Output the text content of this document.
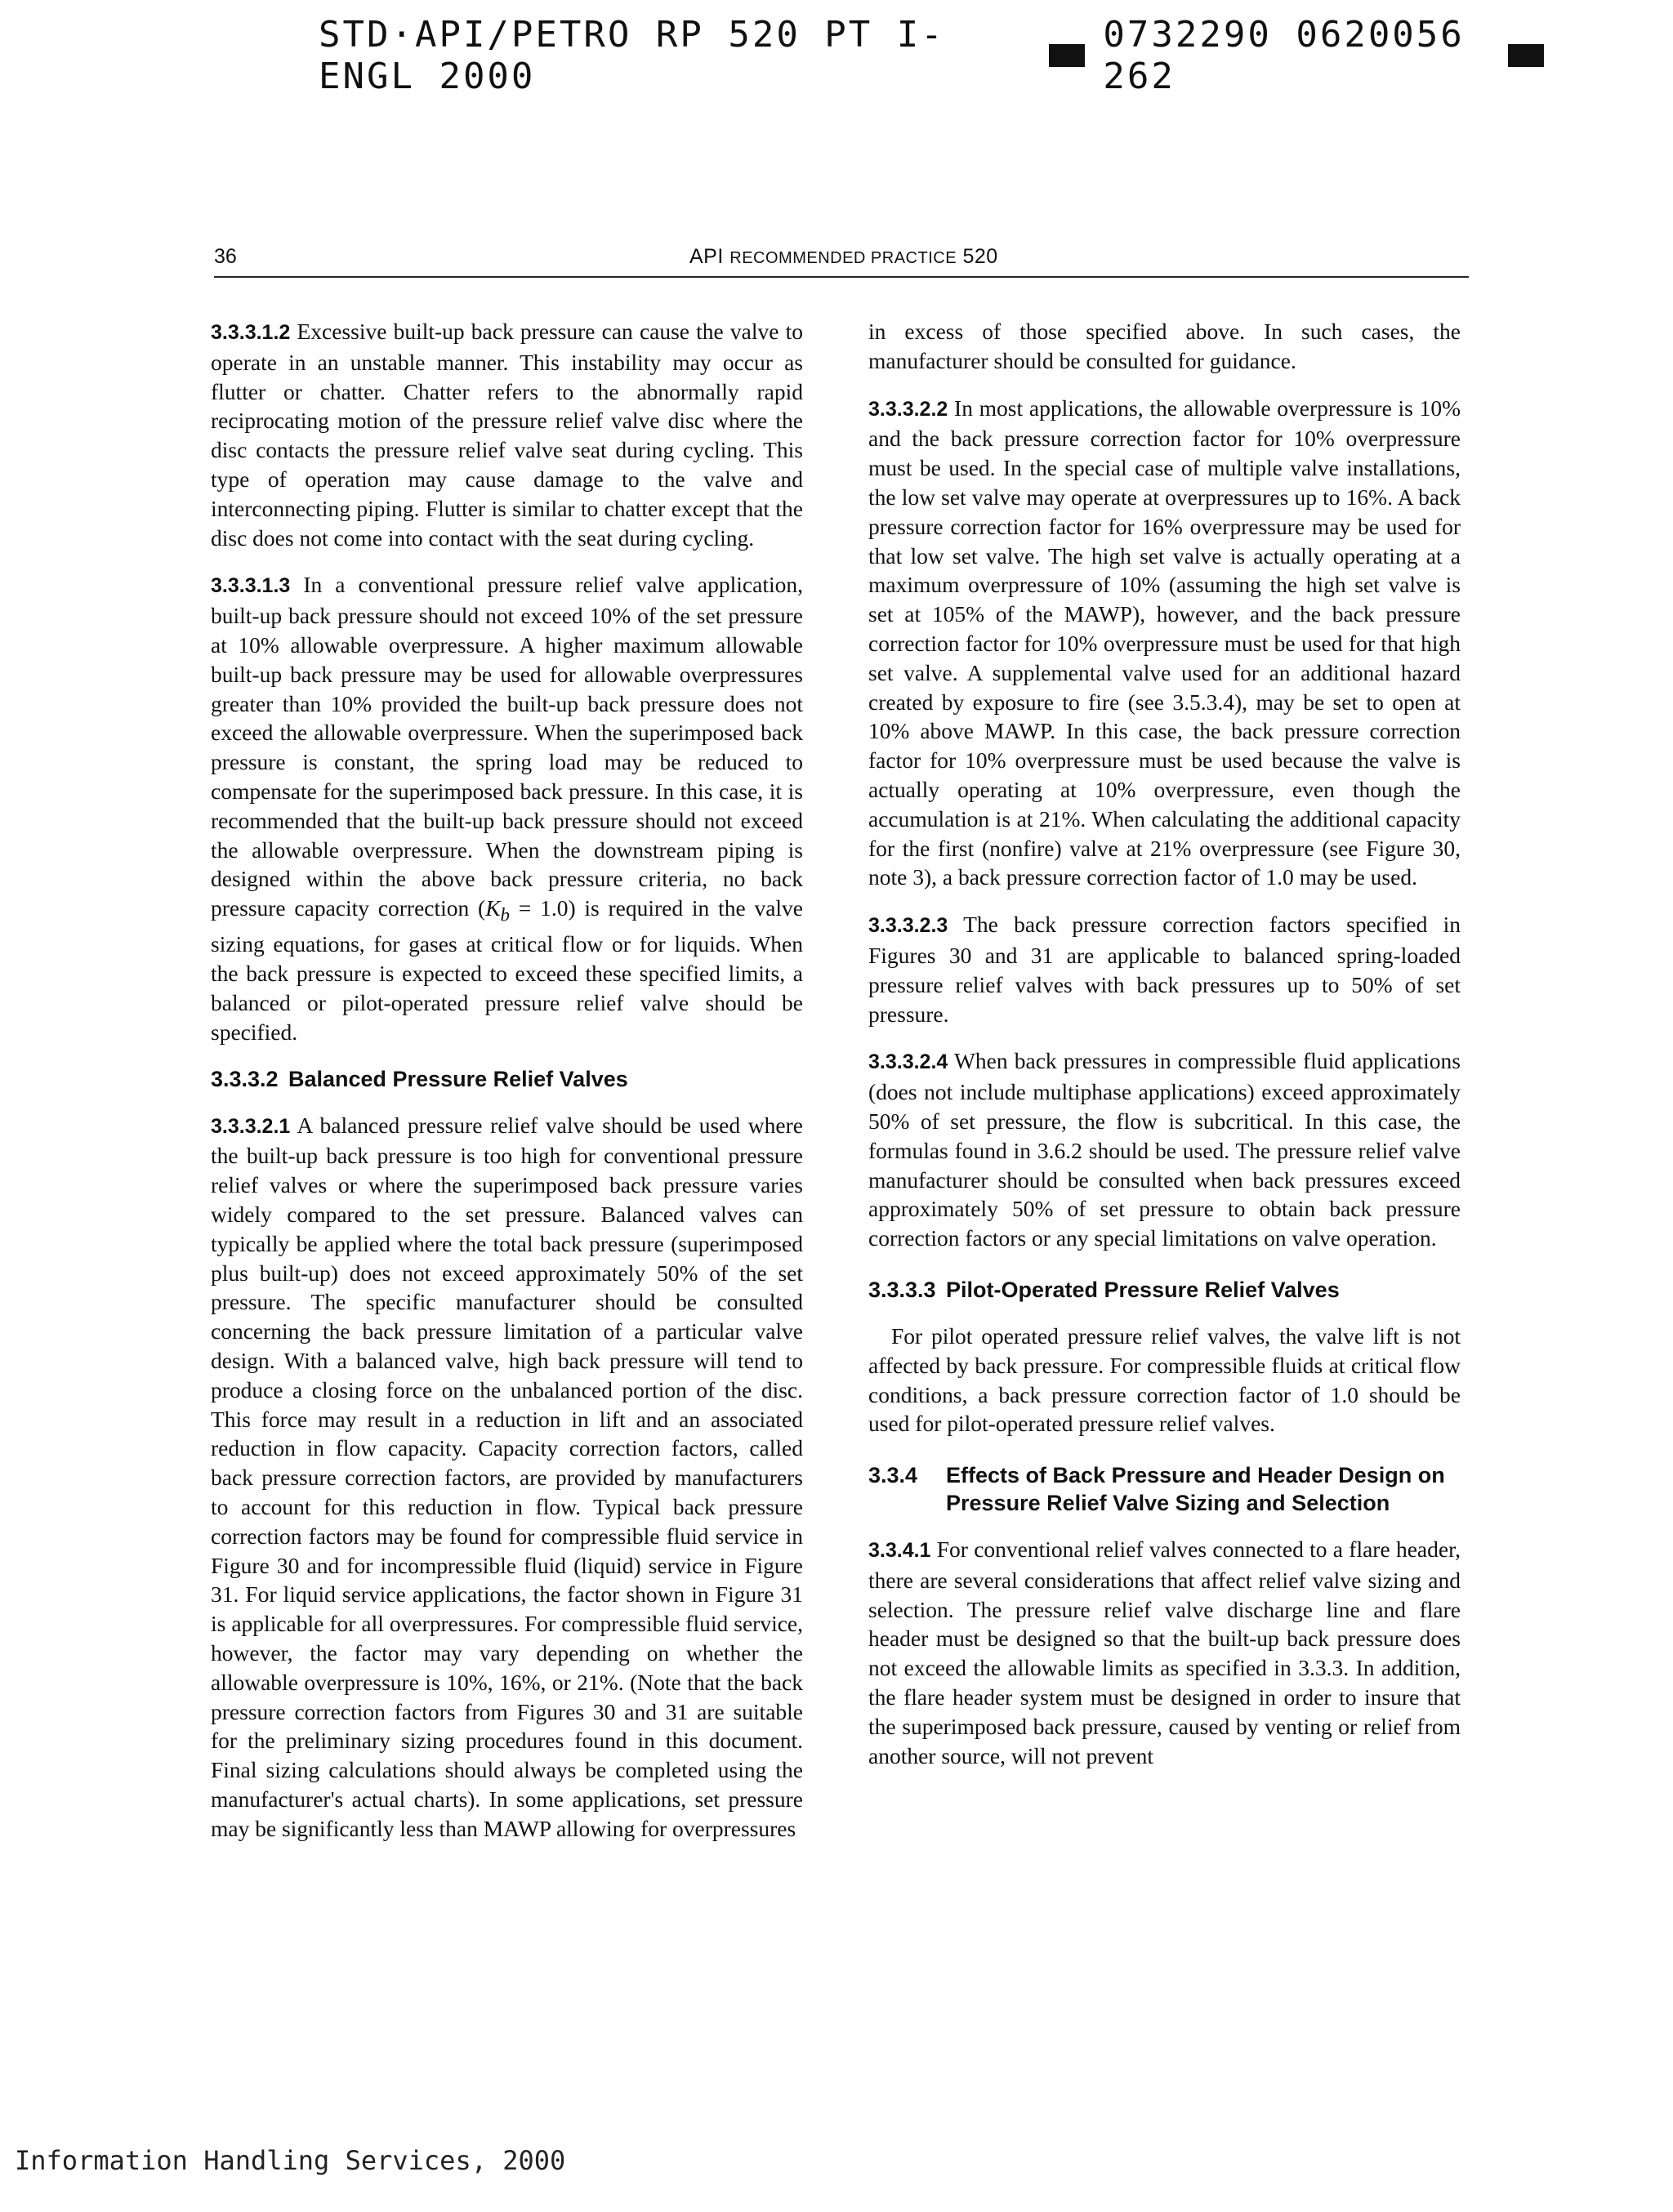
STD·API/PETRO RP 520 PT I-ENGL 2000
0732290 0620056 262
36	API RECOMMENDED PRACTICE 520

3.3.3.1.2 Excessive built-up back pressure can cause the valve to operate in an unstable manner. This instability may occur as flutter or chatter. Chatter refers to the abnormally rapid reciprocating motion of the pressure relief valve disc where the disc contacts the pressure relief valve seat during cycling. This type of operation may cause damage to the valve and interconnecting piping. Flutter is similar to chatter except that the disc does not come into contact with the seat during cycling.

3.3.3.1.3 In a conventional pressure relief valve application, built-up back pressure should not exceed 10% of the set pressure at 10% allowable overpressure. A higher maximum allowable built-up back pressure may be used for allowable overpressures greater than 10% provided the built-up back pressure does not exceed the allowable overpressure. When the superimposed back pressure is constant, the spring load may be reduced to compensate for the superimposed back pressure. In this case, it is recommended that the built-up back pressure should not exceed the allowable overpressure. When the downstream piping is designed within the above back pressure criteria, no back pressure capacity correction $(K_b = 1.0)$ is required in the valve sizing equations, for gases at critical flow or for liquids. When the back pressure is expected to exceed these specified limits, a balanced or pilot-operated pressure relief valve should be specified.

3.3.3.2 Balanced Pressure Relief Valves

3.3.3.2.1 A balanced pressure relief valve should be used where the built-up back pressure is too high for conventional pressure relief valves or where the superimposed back pressure varies widely compared to the set pressure. Balanced valves can typically be applied where the total back pressure (superimposed plus built-up) does not exceed approximately 50% of the set pressure. The specific manufacturer should be consulted concerning the back pressure limitation of a particular valve design. With a balanced valve, high back pressure will tend to produce a closing force on the unbalanced portion of the disc. This force may result in a reduction in lift and an associated reduction in flow capacity. Capacity correction factors, called back pressure correction factors, are provided by manufacturers to account for this reduction in flow. Typical back pressure correction factors may be found for compressible fluid service in Figure 30 and for incompressible fluid (liquid) service in Figure 31. For liquid service applications, the factor shown in Figure 31 is applicable for all overpressures. For compressible fluid service, however, the factor may vary depending on whether the allowable overpressure is 10%, 16%, or 21%. (Note that the back pressure correction factors from Figures 30 and 31 are suitable for the preliminary sizing procedures found in this document. Final sizing calculations should always be completed using the manufacturer's actual charts). In some applications, set pressure may be significantly less than MAWP allowing for overpressures

in excess of those specified above. In such cases, the manufacturer should be consulted for guidance.

3.3.3.2.2 In most applications, the allowable overpressure is 10% and the back pressure correction factor for 10% overpressure must be used. In the special case of multiple valve installations, the low set valve may operate at overpressures up to 16%. A back pressure correction factor for 16% overpressure may be used for that low set valve. The high set valve is actually operating at a maximum overpressure of 10% (assuming the high set valve is set at 105% of the MAWP), however, and the back pressure correction factor for 10% overpressure must be used for that high set valve. A supplemental valve used for an additional hazard created by exposure to fire (see 3.5.3.4), may be set to open at 10% above MAWP. In this case, the back pressure correction factor for 10% overpressure must be used because the valve is actually operating at 10% overpressure, even though the accumulation is at 21%. When calculating the additional capacity for the first (nonfire) valve at 21% overpressure (see Figure 30, note 3), a back pressure correction factor of 1.0 may be used.

3.3.3.2.3 The back pressure correction factors specified in Figures 30 and 31 are applicable to balanced spring-loaded pressure relief valves with back pressures up to 50% of set pressure.

3.3.3.2.4 When back pressures in compressible fluid applications (does not include multiphase applications) exceed approximately 50% of set pressure, the flow is subcritical. In this case, the formulas found in 3.6.2 should be used. The pressure relief valve manufacturer should be consulted when back pressures exceed approximately 50% of set pressure to obtain back pressure correction factors or any special limitations on valve operation.

3.3.3.3 Pilot-Operated Pressure Relief Valves

For pilot operated pressure relief valves, the valve lift is not affected by back pressure. For compressible fluids at critical flow conditions, a back pressure correction factor of 1.0 should be used for pilot-operated pressure relief valves.

3.3.4	Effects of Back Pressure and Header Design on Pressure Relief Valve Sizing and Selection

3.3.4.1 For conventional relief valves connected to a flare header, there are several considerations that affect relief valve sizing and selection. The pressure relief valve discharge line and flare header must be designed so that the built-up back pressure does not exceed the allowable limits as specified in 3.3.3. In addition, the flare header system must be designed in order to insure that the superimposed back pressure, caused by venting or relief from another source, will not prevent

Information Handling Services, 2000
